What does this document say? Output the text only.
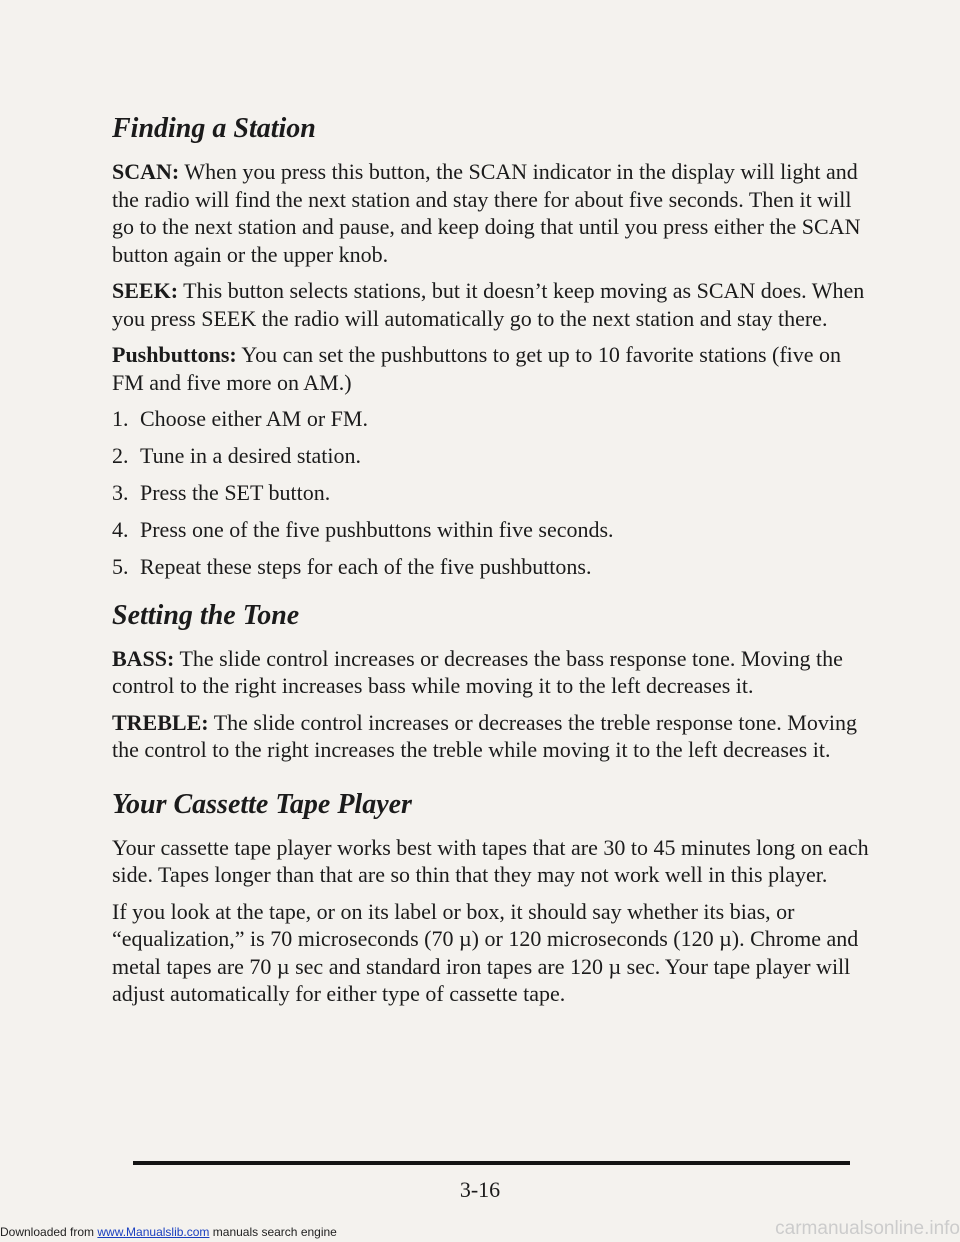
Finding a Station

SCAN: When you press this button, the SCAN indicator in the display will light and the radio will find the next station and stay there for about five seconds. Then it will go to the next station and pause, and keep doing that until you press either the SCAN button again or the upper knob.

SEEK: This button selects stations, but it doesn’t keep moving as SCAN does. When you press SEEK the radio will automatically go to the next station and stay there.

Pushbuttons: You can set the pushbuttons to get up to 10 favorite stations (five on FM and five more on AM.)

1. Choose either AM or FM.
2. Tune in a desired station.
3. Press the SET button.
4. Press one of the five pushbuttons within five seconds.
5. Repeat these steps for each of the five pushbuttons.
Setting the Tone

BASS: The slide control increases or decreases the bass response tone. Moving the control to the right increases bass while moving it to the left decreases it.

TREBLE: The slide control increases or decreases the treble response tone. Moving the control to the right increases the treble while moving it to the left decreases it.

Your Cassette Tape Player

Your cassette tape player works best with tapes that are 30 to 45 minutes long on each side. Tapes longer than that are so thin that they may not work well in this player.

If you look at the tape, or on its label or box, it should say whether its bias, or “equalization,” is 70 microseconds (70 µ) or 120 microseconds (120 µ). Chrome and metal tapes are 70 µ sec and standard iron tapes are 120 µ sec. Your tape player will adjust automatically for either type of cassette tape.

3-16
Downloaded from www.Manualslib.com manuals search engine	carmanualsonline.info
